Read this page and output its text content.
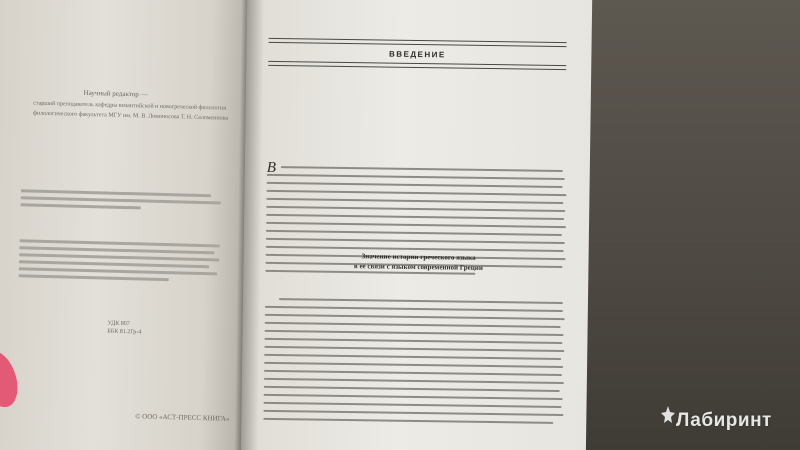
Научный редактор —
старший преподаватель кафедры византийской и новогреческой филологии
филологического факультета МГУ им. М. В. Ломоносова Т. Н. Саломеинова
УДК 807
ББК 81.2Гр-4
© ООО «АСТ-ПРЕСС КНИГА»
ВВЕДЕНИЕ
В
Значение истории греческого языка
в ее связи с языком современной Греции
Лабиринт
